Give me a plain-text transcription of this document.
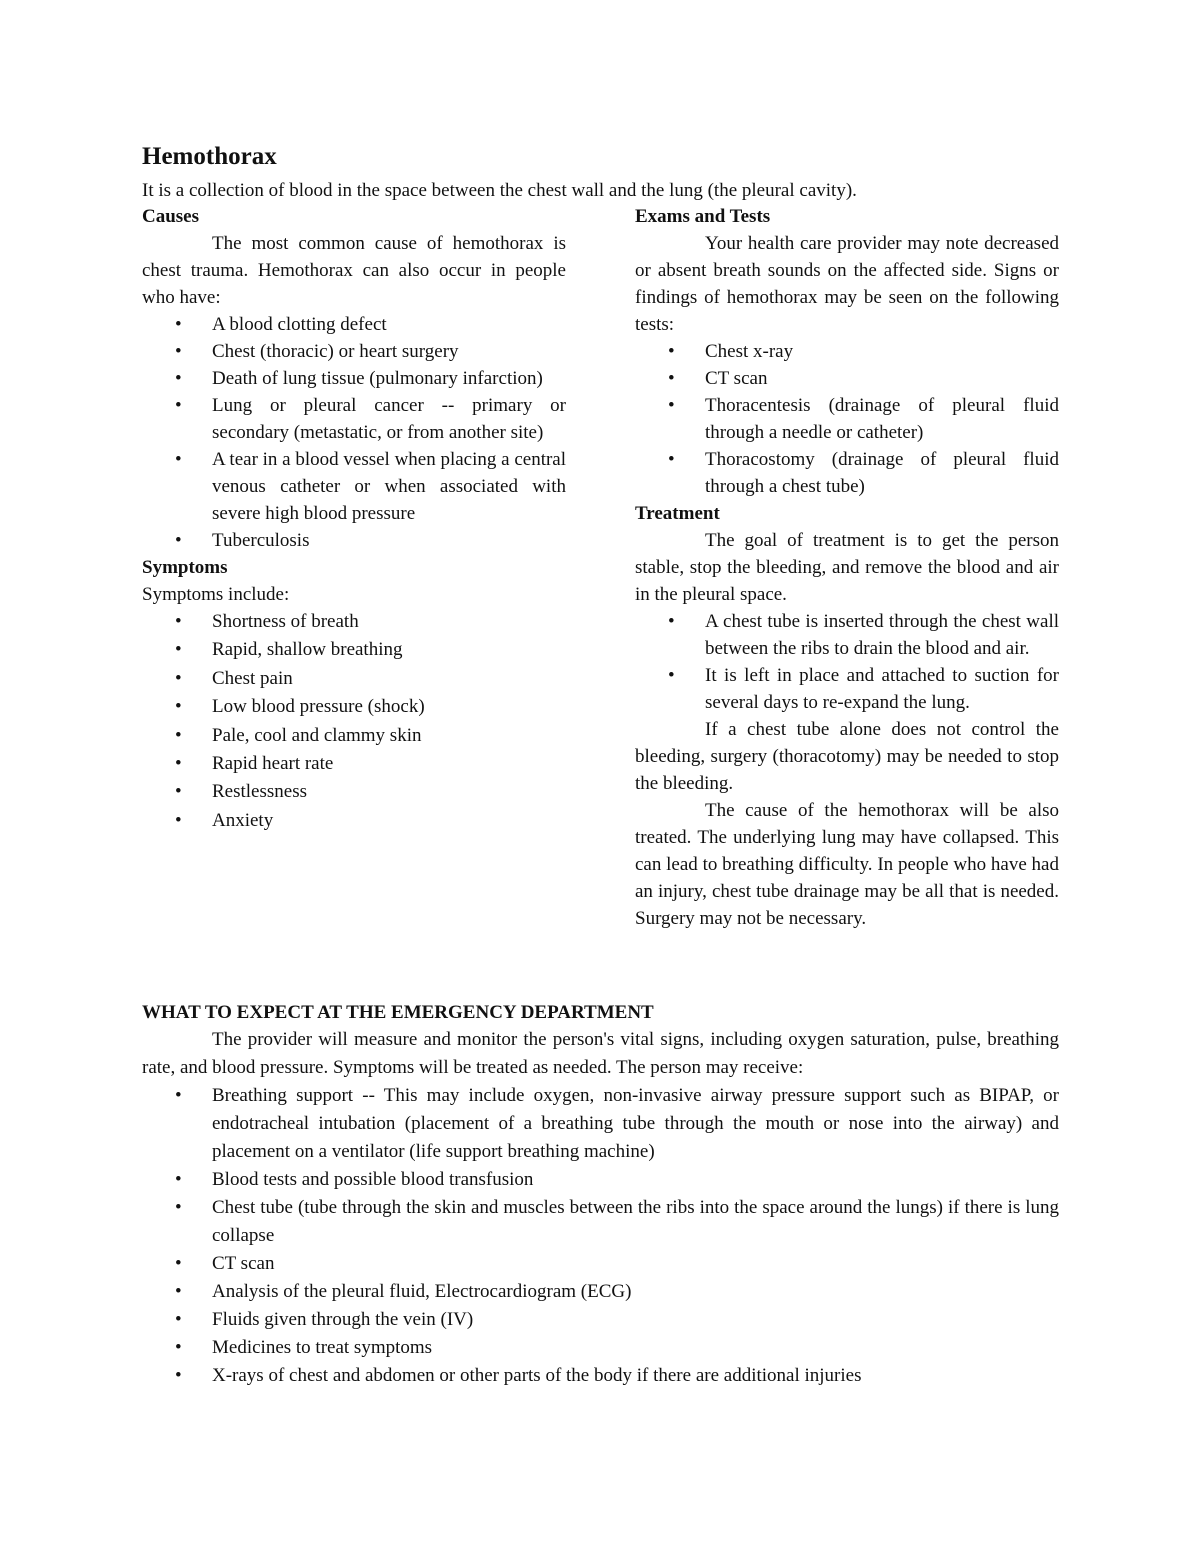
Hemothorax
It is a collection of blood in the space between the chest wall and the lung (the pleural cavity).
Causes

The most common cause of hemothorax is chest trauma. Hemothorax can also occur in people who have:

• A blood clotting defect
• Chest (thoracic) or heart surgery
• Death of lung tissue (pulmonary infarction)
• Lung or pleural cancer -- primary or secondary (metastatic, or from another site)
• A tear in a blood vessel when placing a central venous catheter or when associated with severe high blood pressure
• Tuberculosis
Symptoms

Symptoms include:

• Shortness of breath
• Rapid, shallow breathing
• Chest pain
• Low blood pressure (shock)
• Pale, cool and clammy skin
• Rapid heart rate
• Restlessness
• Anxiety
Exams and Tests

Your health care provider may note decreased or absent breath sounds on the affected side. Signs or findings of hemothorax may be seen on the following tests:

• Chest x-ray
• CT scan
• Thoracentesis (drainage of pleural fluid through a needle or catheter)
• Thoracostomy (drainage of pleural fluid through a chest tube)
Treatment

The goal of treatment is to get the person stable, stop the bleeding, and remove the blood and air in the pleural space.

• A chest tube is inserted through the chest wall between the ribs to drain the blood and air.
• It is left in place and attached to suction for several days to re-expand the lung.

If a chest tube alone does not control the bleeding, surgery (thoracotomy) may be needed to stop the bleeding.

The cause of the hemothorax will be also treated. The underlying lung may have collapsed. This can lead to breathing difficulty. In people who have had an injury, chest tube drainage may be all that is needed. Surgery may not be necessary.

WHAT TO EXPECT AT THE EMERGENCY DEPARTMENT

The provider will measure and monitor the person's vital signs, including oxygen saturation, pulse, breathing rate, and blood pressure. Symptoms will be treated as needed. The person may receive:

• Breathing support -- This may include oxygen, non-invasive airway pressure support such as BIPAP, or endotracheal intubation (placement of a breathing tube through the mouth or nose into the airway) and placement on a ventilator (life support breathing machine)
• Blood tests and possible blood transfusion
• Chest tube (tube through the skin and muscles between the ribs into the space around the lungs) if there is lung collapse
• CT scan
• Analysis of the pleural fluid, Electrocardiogram (ECG)
• Fluids given through the vein (IV)
• Medicines to treat symptoms
• X-rays of chest and abdomen or other parts of the body if there are additional injuries
